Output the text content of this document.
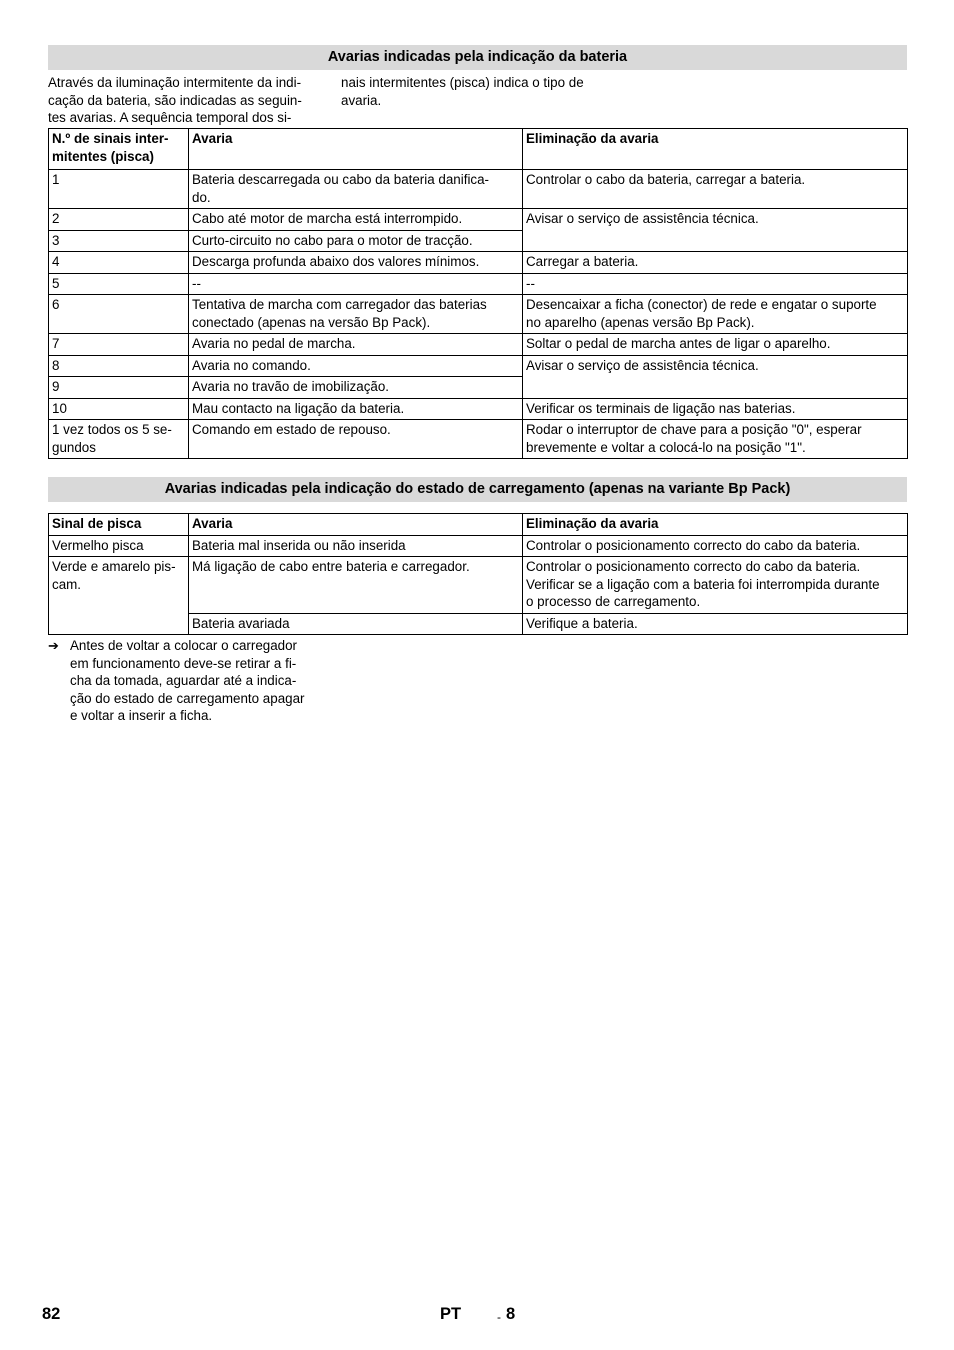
Avarias indicadas pela indicação da bateria
Através da iluminação intermitente da indi-
cação da bateria, são indicadas as seguin-
tes avarias. A sequência temporal dos si-
nais intermitentes (pisca) indica o tipo de
avaria.
N.º de sinais inter-
mitentes (pisca)	Avaria	Eliminação da avaria
1	Bateria descarregada ou cabo da bateria danifica-
do.	Controlar o cabo da bateria, carregar a bateria.
2	Cabo até motor de marcha está interrompido.	Avisar o serviço de assistência técnica.
3	Curto-circuito no cabo para o motor de tracção.	
4	Descarga profunda abaixo dos valores mínimos.	Carregar a bateria.
5	--	--
6	Tentativa de marcha com carregador das baterias
conectado (apenas na versão Bp Pack).	Desencaixar a ficha (conector) de rede e engatar o suporte
no aparelho (apenas versão Bp Pack).
7	Avaria no pedal de marcha.	Soltar o pedal de marcha antes de ligar o aparelho.
8	Avaria no comando.	Avisar o serviço de assistência técnica.
9	Avaria no travão de imobilização.	
10	Mau contacto na ligação da bateria.	Verificar os terminais de ligação nas baterias.
1 vez todos os 5 se-
gundos	Comando em estado de repouso.	Rodar o interruptor de chave para a posição "0", esperar
brevemente e voltar a colocá-lo na posição "1".
Avarias indicadas pela indicação do estado de carregamento (apenas na variante Bp Pack)
Sinal de pisca	Avaria	Eliminação da avaria
Vermelho pisca	Bateria mal inserida ou não inserida	Controlar o posicionamento correcto do cabo da bateria.
Verde e amarelo pis-
cam.	Má ligação de cabo entre bateria e carregador.	Controlar o posicionamento correcto do cabo da bateria.
Verificar se a ligação com a bateria foi interrompida durante
o processo de carregamento.
	Bateria avariada	Verifique a bateria.
➔ Antes de voltar a colocar o carregador
em funcionamento deve-se retirar a fi-
cha da tomada, aguardar até a indica-
ção do estado de carregamento apagar
e voltar a inserir a ficha.
82	PT	- 8
